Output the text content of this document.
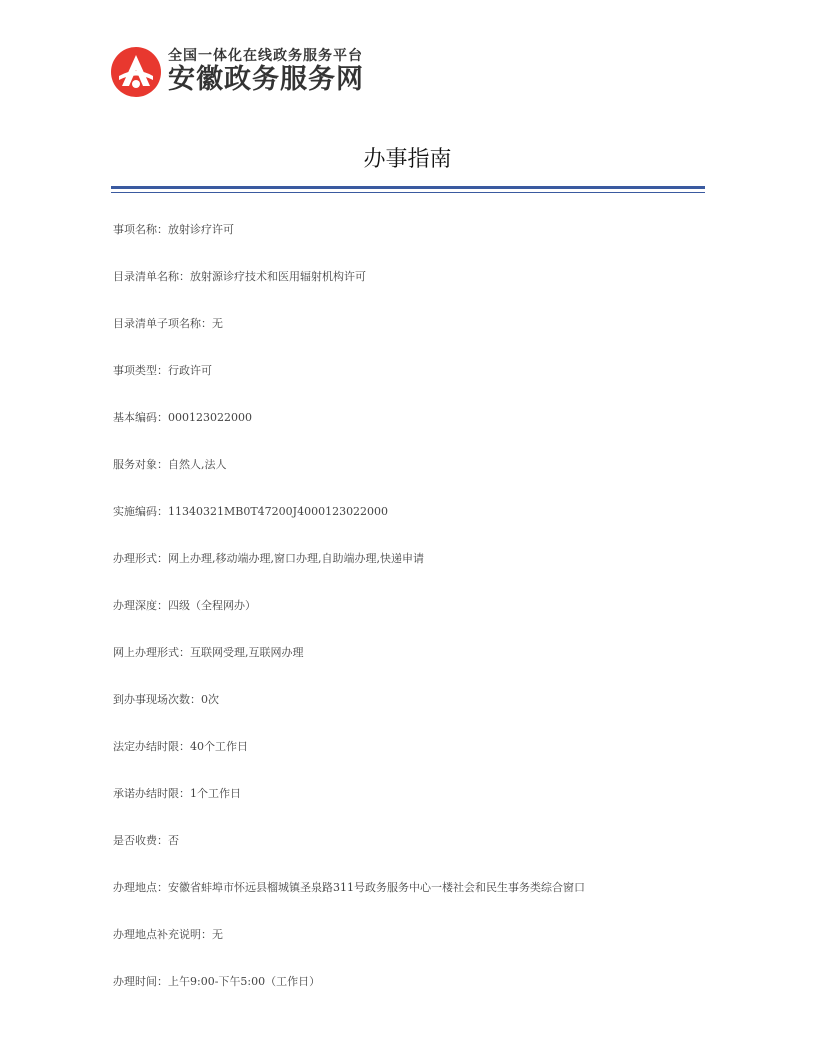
全国一体化在线政务服务平台
安徽政务服务网
办事指南
事项名称：放射诊疗许可
目录清单名称：放射源诊疗技术和医用辐射机构许可
目录清单子项名称：无
事项类型：行政许可
基本编码：000123022000
服务对象：自然人,法人
实施编码：11340321MB0T47200J4000123022000
办理形式：网上办理,移动端办理,窗口办理,自助端办理,快递申请
办理深度：四级（全程网办）
网上办理形式：互联网受理,互联网办理
到办事现场次数：0次
法定办结时限：40个工作日
承诺办结时限：1个工作日
是否收费：否
办理地点：安徽省蚌埠市怀远县榴城镇圣泉路311号政务服务中心一楼社会和民生事务类综合窗口
办理地点补充说明：无
办理时间：上午9:00-下午5:00（工作日）
